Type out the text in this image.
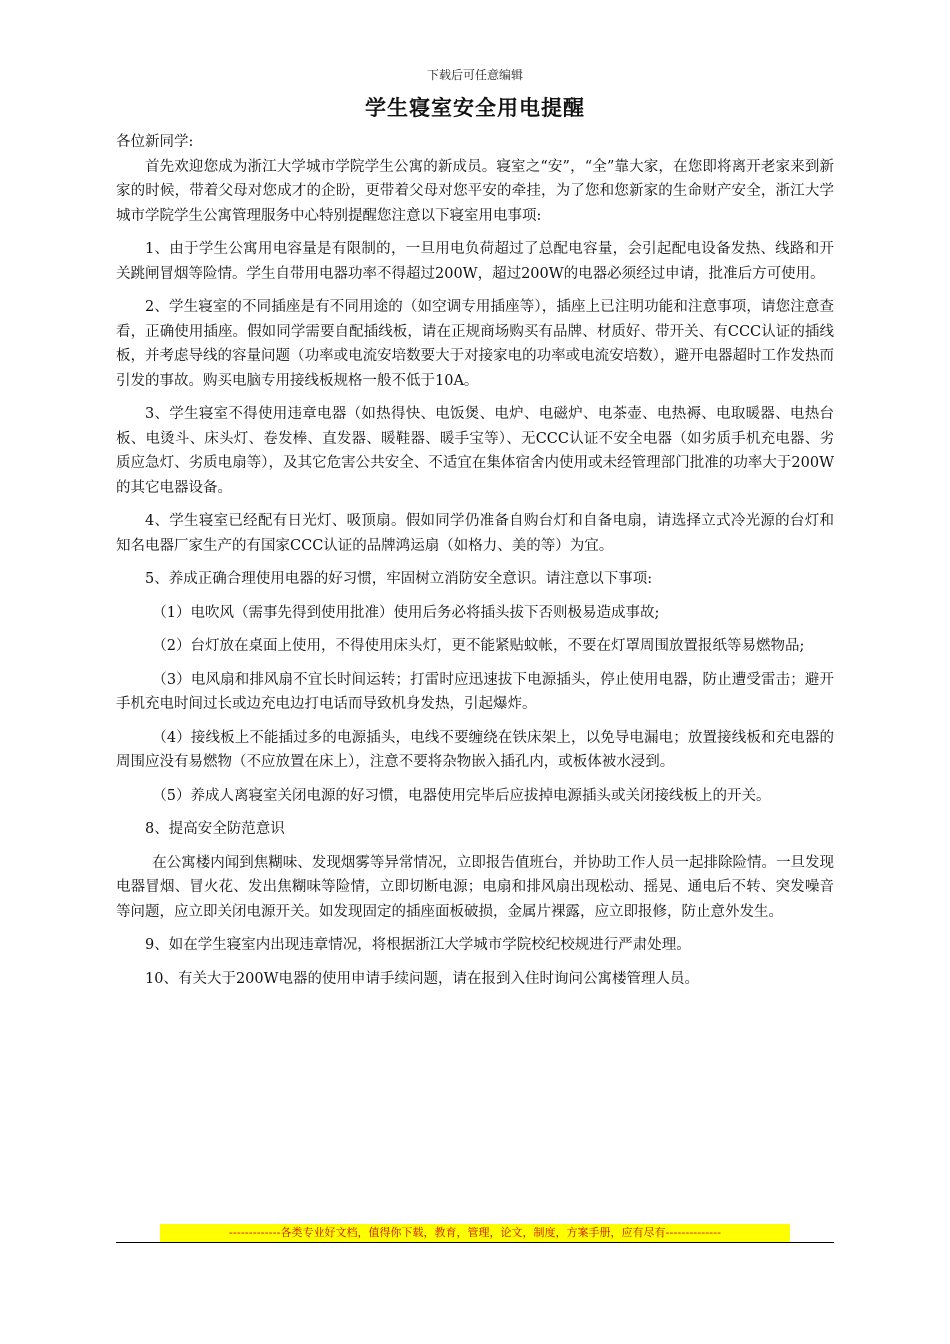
下载后可任意编辑
学生寝室安全用电提醒

各位新同学:

首先欢迎您成为浙江大学城市学院学生公寓的新成员。寝室之“安”，“全”靠大家，在您即将离开老家来到新家的时候，带着父母对您成才的企盼，更带着父母对您平安的牵挂，为了您和您新家的生命财产安全，浙江大学城市学院学生公寓管理服务中心特别提醒您注意以下寝室用电事项:

1、由于学生公寓用电容量是有限制的，一旦用电负荷超过了总配电容量，会引起配电设备发热、线路和开关跳闸冒烟等险情。学生自带用电器功率不得超过200W，超过200W的电器必须经过申请，批准后方可使用。

2、学生寝室的不同插座是有不同用途的（如空调专用插座等），插座上已注明功能和注意事项，请您注意查看，正确使用插座。假如同学需要自配插线板，请在正规商场购买有品牌、材质好、带开关、有CCC认证的插线板，并考虑导线的容量问题（功率或电流安培数要大于对接家电的功率或电流安培数），避开电器超时工作发热而引发的事故。购买电脑专用接线板规格一般不低于10A。

3、学生寝室不得使用违章电器（如热得快、电饭煲、电炉、电磁炉、电茶壶、电热褥、电取暖器、电热台板、电烫斗、床头灯、卷发棒、直发器、暖鞋器、暖手宝等）、无CCC认证不安全电器（如劣质手机充电器、劣质应急灯、劣质电扇等），及其它危害公共安全、不适宜在集体宿舍内使用或未经管理部门批准的功率大于200W的其它电器设备。

4、学生寝室已经配有日光灯、吸顶扇。假如同学仍准备自购台灯和自备电扇，请选择立式冷光源的台灯和知名电器厂家生产的有国家CCC认证的品牌鸿运扇（如格力、美的等）为宜。

5、养成正确合理使用电器的好习惯，牢固树立消防安全意识。请注意以下事项:

（1）电吹风（需事先得到使用批准）使用后务必将插头拔下否则极易造成事故;

（2）台灯放在桌面上使用，不得使用床头灯，更不能紧贴蚊帐，不要在灯罩周围放置报纸等易燃物品;

（3）电风扇和排风扇不宜长时间运转；打雷时应迅速拔下电源插头，停止使用电器，防止遭受雷击；避开手机充电时间过长或边充电边打电话而导致机身发热，引起爆炸。

（4）接线板上不能插过多的电源插头，电线不要缠绕在铁床架上，以免导电漏电；放置接线板和充电器的周围应没有易燃物（不应放置在床上），注意不要将杂物嵌入插孔内，或板体被水浸到。

（5）养成人离寝室关闭电源的好习惯，电器使用完毕后应拔掉电源插头或关闭接线板上的开关。

8、提高安全防范意识

在公寓楼内闻到焦糊味、发现烟雾等异常情况，立即报告值班台，并协助工作人员一起排除险情。一旦发现电器冒烟、冒火花、发出焦糊味等险情，立即切断电源；电扇和排风扇出现松动、摇晃、通电后不转、突发噪音等问题，应立即关闭电源开关。如发现固定的插座面板破损，金属片裸露，应立即报修，防止意外发生。

9、如在学生寝室内出现违章情况，将根据浙江大学城市学院校纪校规进行严肃处理。

10、有关大于200W电器的使用申请手续问题，请在报到入住时询问公寓楼管理人员。

-------------各类专业好文档，值得你下载，教育，管理，论文，制度，方案手册，应有尽有--------------
